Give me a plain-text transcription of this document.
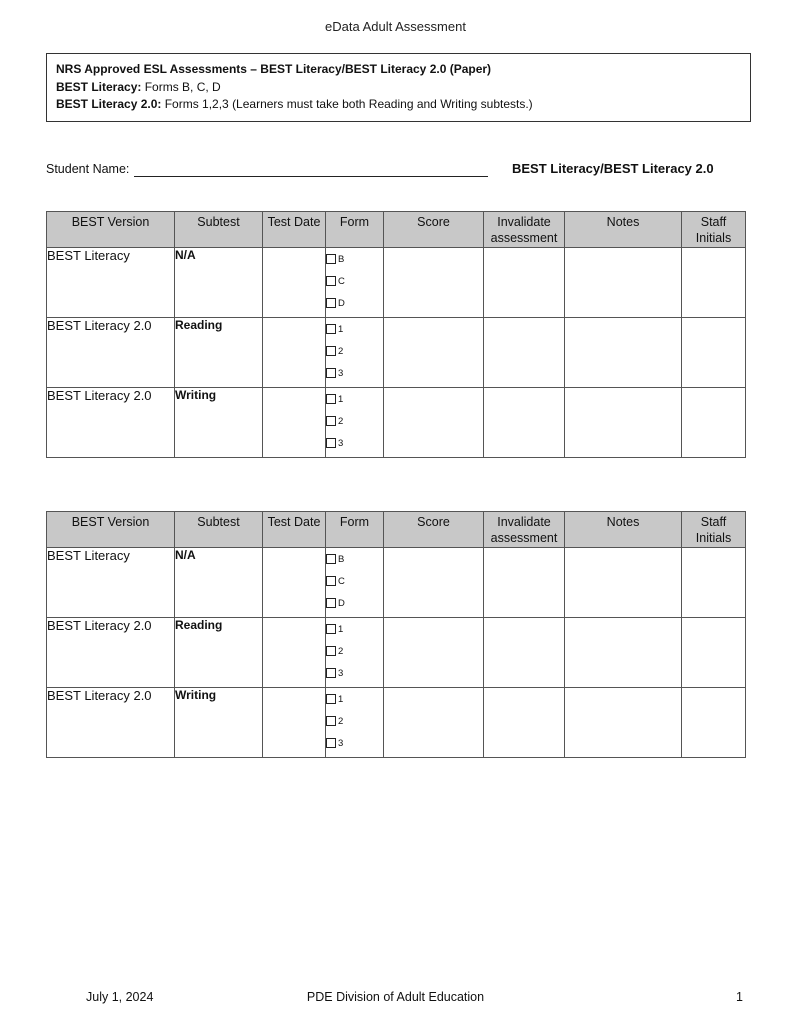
eData Adult Assessment
NRS Approved ESL Assessments – BEST Literacy/BEST Literacy 2.0 (Paper)
BEST Literacy: Forms B, C, D
BEST Literacy 2.0: Forms 1,2,3 (Learners must take both Reading and Writing subtests.)
Student Name:	BEST Literacy/BEST Literacy 2.0
BEST Version	Subtest	Test Date	Form	Score	Invalidate assessment	Notes	Staff Initials
BEST Literacy	N/A		B
C
D				

BEST Literacy 2.0	Reading		1
2
3				

BEST Literacy 2.0	Writing		1
2
3				

BEST Version	Subtest	Test Date	Form	Score	Invalidate assessment	Notes	Staff Initials
BEST Literacy	N/A		B
C
D				

BEST Literacy 2.0	Reading		1
2
3				

BEST Literacy 2.0	Writing		1
2
3				

July 1, 2024	PDE Division of Adult Education	1
